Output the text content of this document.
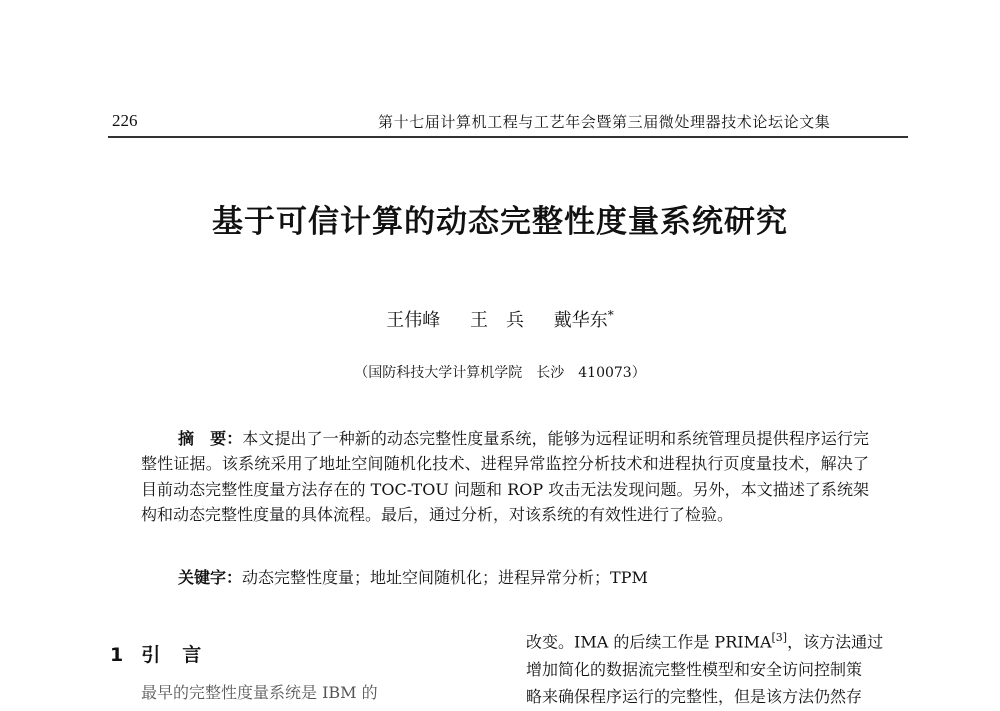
226	第十七届计算机工程与工艺年会暨第三届微处理器技术论坛论文集
基于可信计算的动态完整性度量系统研究
王伟峰 王　兵 戴华东*
（国防科技大学计算机学院　长沙　410073）

摘　要：本文提出了一种新的动态完整性度量系统，能够为远程证明和系统管理员提供程序运行完整性证据。该系统采用了地址空间随机化技术、进程异常监控分析技术和进程执行页度量技术，解决了目前动态完整性度量方法存在的 TOC-TOU 问题和 ROP 攻击无法发现问题。另外，本文描述了系统架构和动态完整性度量的具体流程。最后，通过分析，对该系统的有效性进行了检验。

关键字：动态完整性度量；地址空间随机化；进程异常分析；TPM
1 引 言
最早的完整性度量系统是 IBM 的
改变。IMA 的后续工作是 PRIMA[3]，该方法通过
增加简化的数据流完整性模型和安全访问控制策
略来确保程序运行的完整性，但是该方法仍然存
